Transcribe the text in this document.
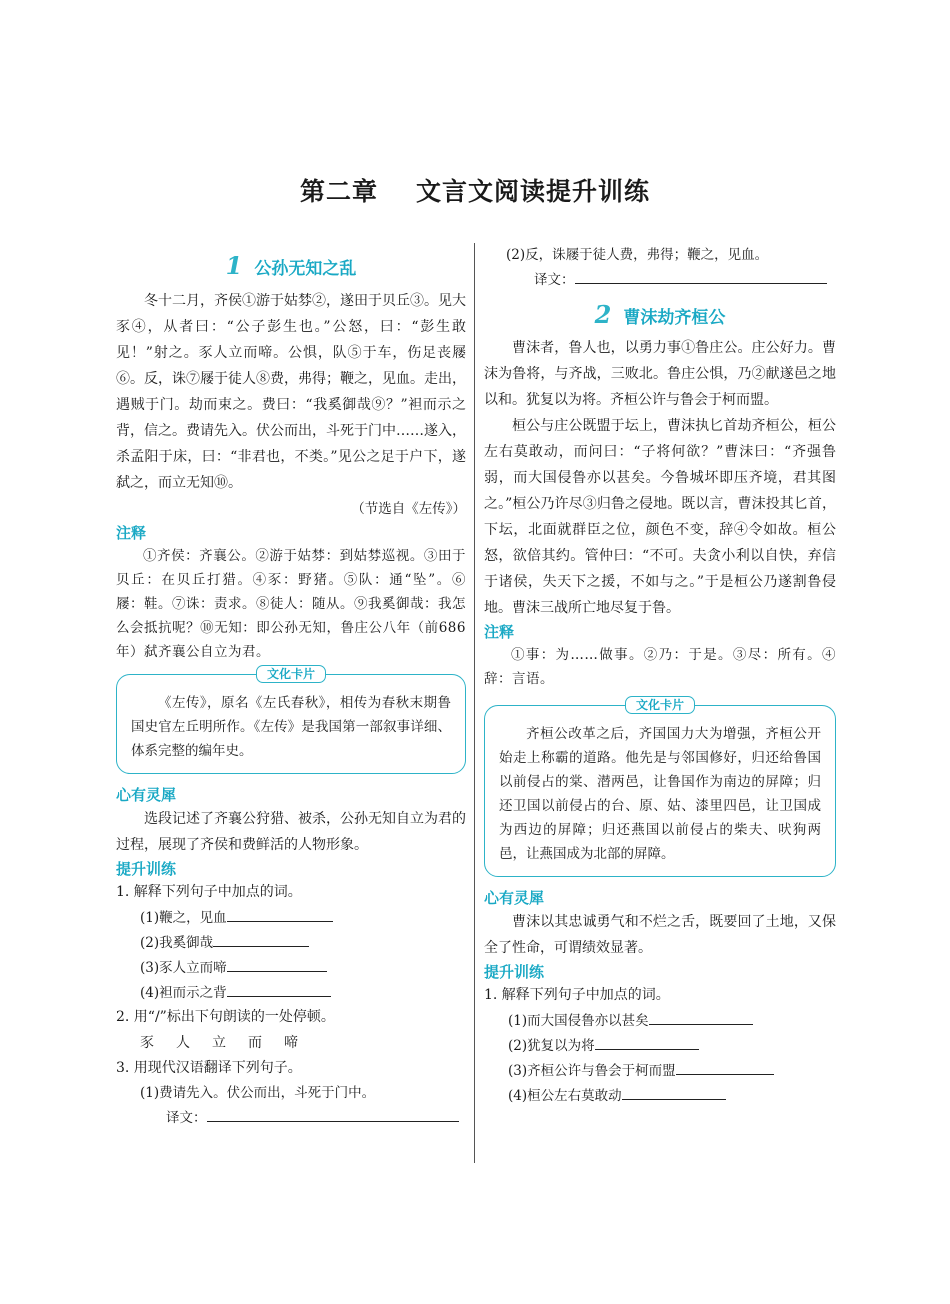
第二章 文言文阅读提升训练
1 公孙无知之乱

冬十二月，齐侯①游于姑棼②，遂田于贝丘③。见大豕④，从者曰：“公子彭生也。”公怒，曰：“彭生敢见！”射之。豕人立而啼。公惧，队⑤于车，伤足丧屦⑥。反，诛⑦屦于徒人⑧费，弗得；鞭之，见血。走出，遇贼于门。劫而束之。费曰：“我奚御哉⑨？”袒而示之背，信之。费请先入。伏公而出，斗死于门中……遂入，杀孟阳于床，曰：“非君也，不类。”见公之足于户下，遂弑之，而立无知⑩。

（节选自《左传》）

注释

①齐侯：齐襄公。②游于姑棼：到姑棼巡视。③田于贝丘：在贝丘打猎。④豕：野猪。⑤队：通“坠”。⑥屦：鞋。⑦诛：责求。⑧徒人：随从。⑨我奚御哉：我怎么会抵抗呢？⑩无知：即公孙无知，鲁庄公八年（前686年）弑齐襄公自立为君。

文化卡片

《左传》，原名《左氏春秋》，相传为春秋末期鲁国史官左丘明所作。《左传》是我国第一部叙事详细、体系完整的编年史。

心有灵犀

选段记述了齐襄公狩猎、被杀，公孙无知自立为君的过程，展现了齐侯和费鲜活的人物形象。

提升训练
1. 解释下列句子中加点的词。
(1)鞭之，见血
(2)我奚御哉
(3)豕人立而啼
(4)袒而示之背
2. 用“/”标出下句朗读的一处停顿。
豕人立而啼
3. 用现代汉语翻译下列句子。
(1)费请先入。伏公而出，斗死于门中。
译文：
(2)反，诛屦于徒人费，弗得；鞭之，见血。
译文：
2 曹沫劫齐桓公

曹沫者，鲁人也，以勇力事①鲁庄公。庄公好力。曹沫为鲁将，与齐战，三败北。鲁庄公惧，乃②献遂邑之地以和。犹复以为将。齐桓公许与鲁会于柯而盟。

桓公与庄公既盟于坛上，曹沫执匕首劫齐桓公，桓公左右莫敢动，而问曰：“子将何欲？”曹沫曰：“齐强鲁弱，而大国侵鲁亦以甚矣。今鲁城坏即压齐境，君其图之。”桓公乃许尽③归鲁之侵地。既以言，曹沫投其匕首，下坛，北面就群臣之位，颜色不变，辞④令如故。桓公怒，欲倍其约。管仲曰：“不可。夫贪小利以自快，弃信于诸侯，失天下之援，不如与之。”于是桓公乃遂割鲁侵地。曹沫三战所亡地尽复于鲁。

注释

①事：为……做事。②乃：于是。③尽：所有。④辞：言语。

文化卡片

齐桓公改革之后，齐国国力大为增强，齐桓公开始走上称霸的道路。他先是与邻国修好，归还给鲁国以前侵占的棠、潜两邑，让鲁国作为南边的屏障；归还卫国以前侵占的台、原、姑、漆里四邑，让卫国成为西边的屏障；归还燕国以前侵占的柴夫、吠狗两邑，让燕国成为北部的屏障。

心有灵犀

曹沫以其忠诚勇气和不烂之舌，既要回了土地，又保全了性命，可谓绩效显著。

提升训练
1. 解释下列句子中加点的词。
(1)而大国侵鲁亦以甚矣
(2)犹复以为将
(3)齐桓公许与鲁会于柯而盟
(4)桓公左右莫敢动
